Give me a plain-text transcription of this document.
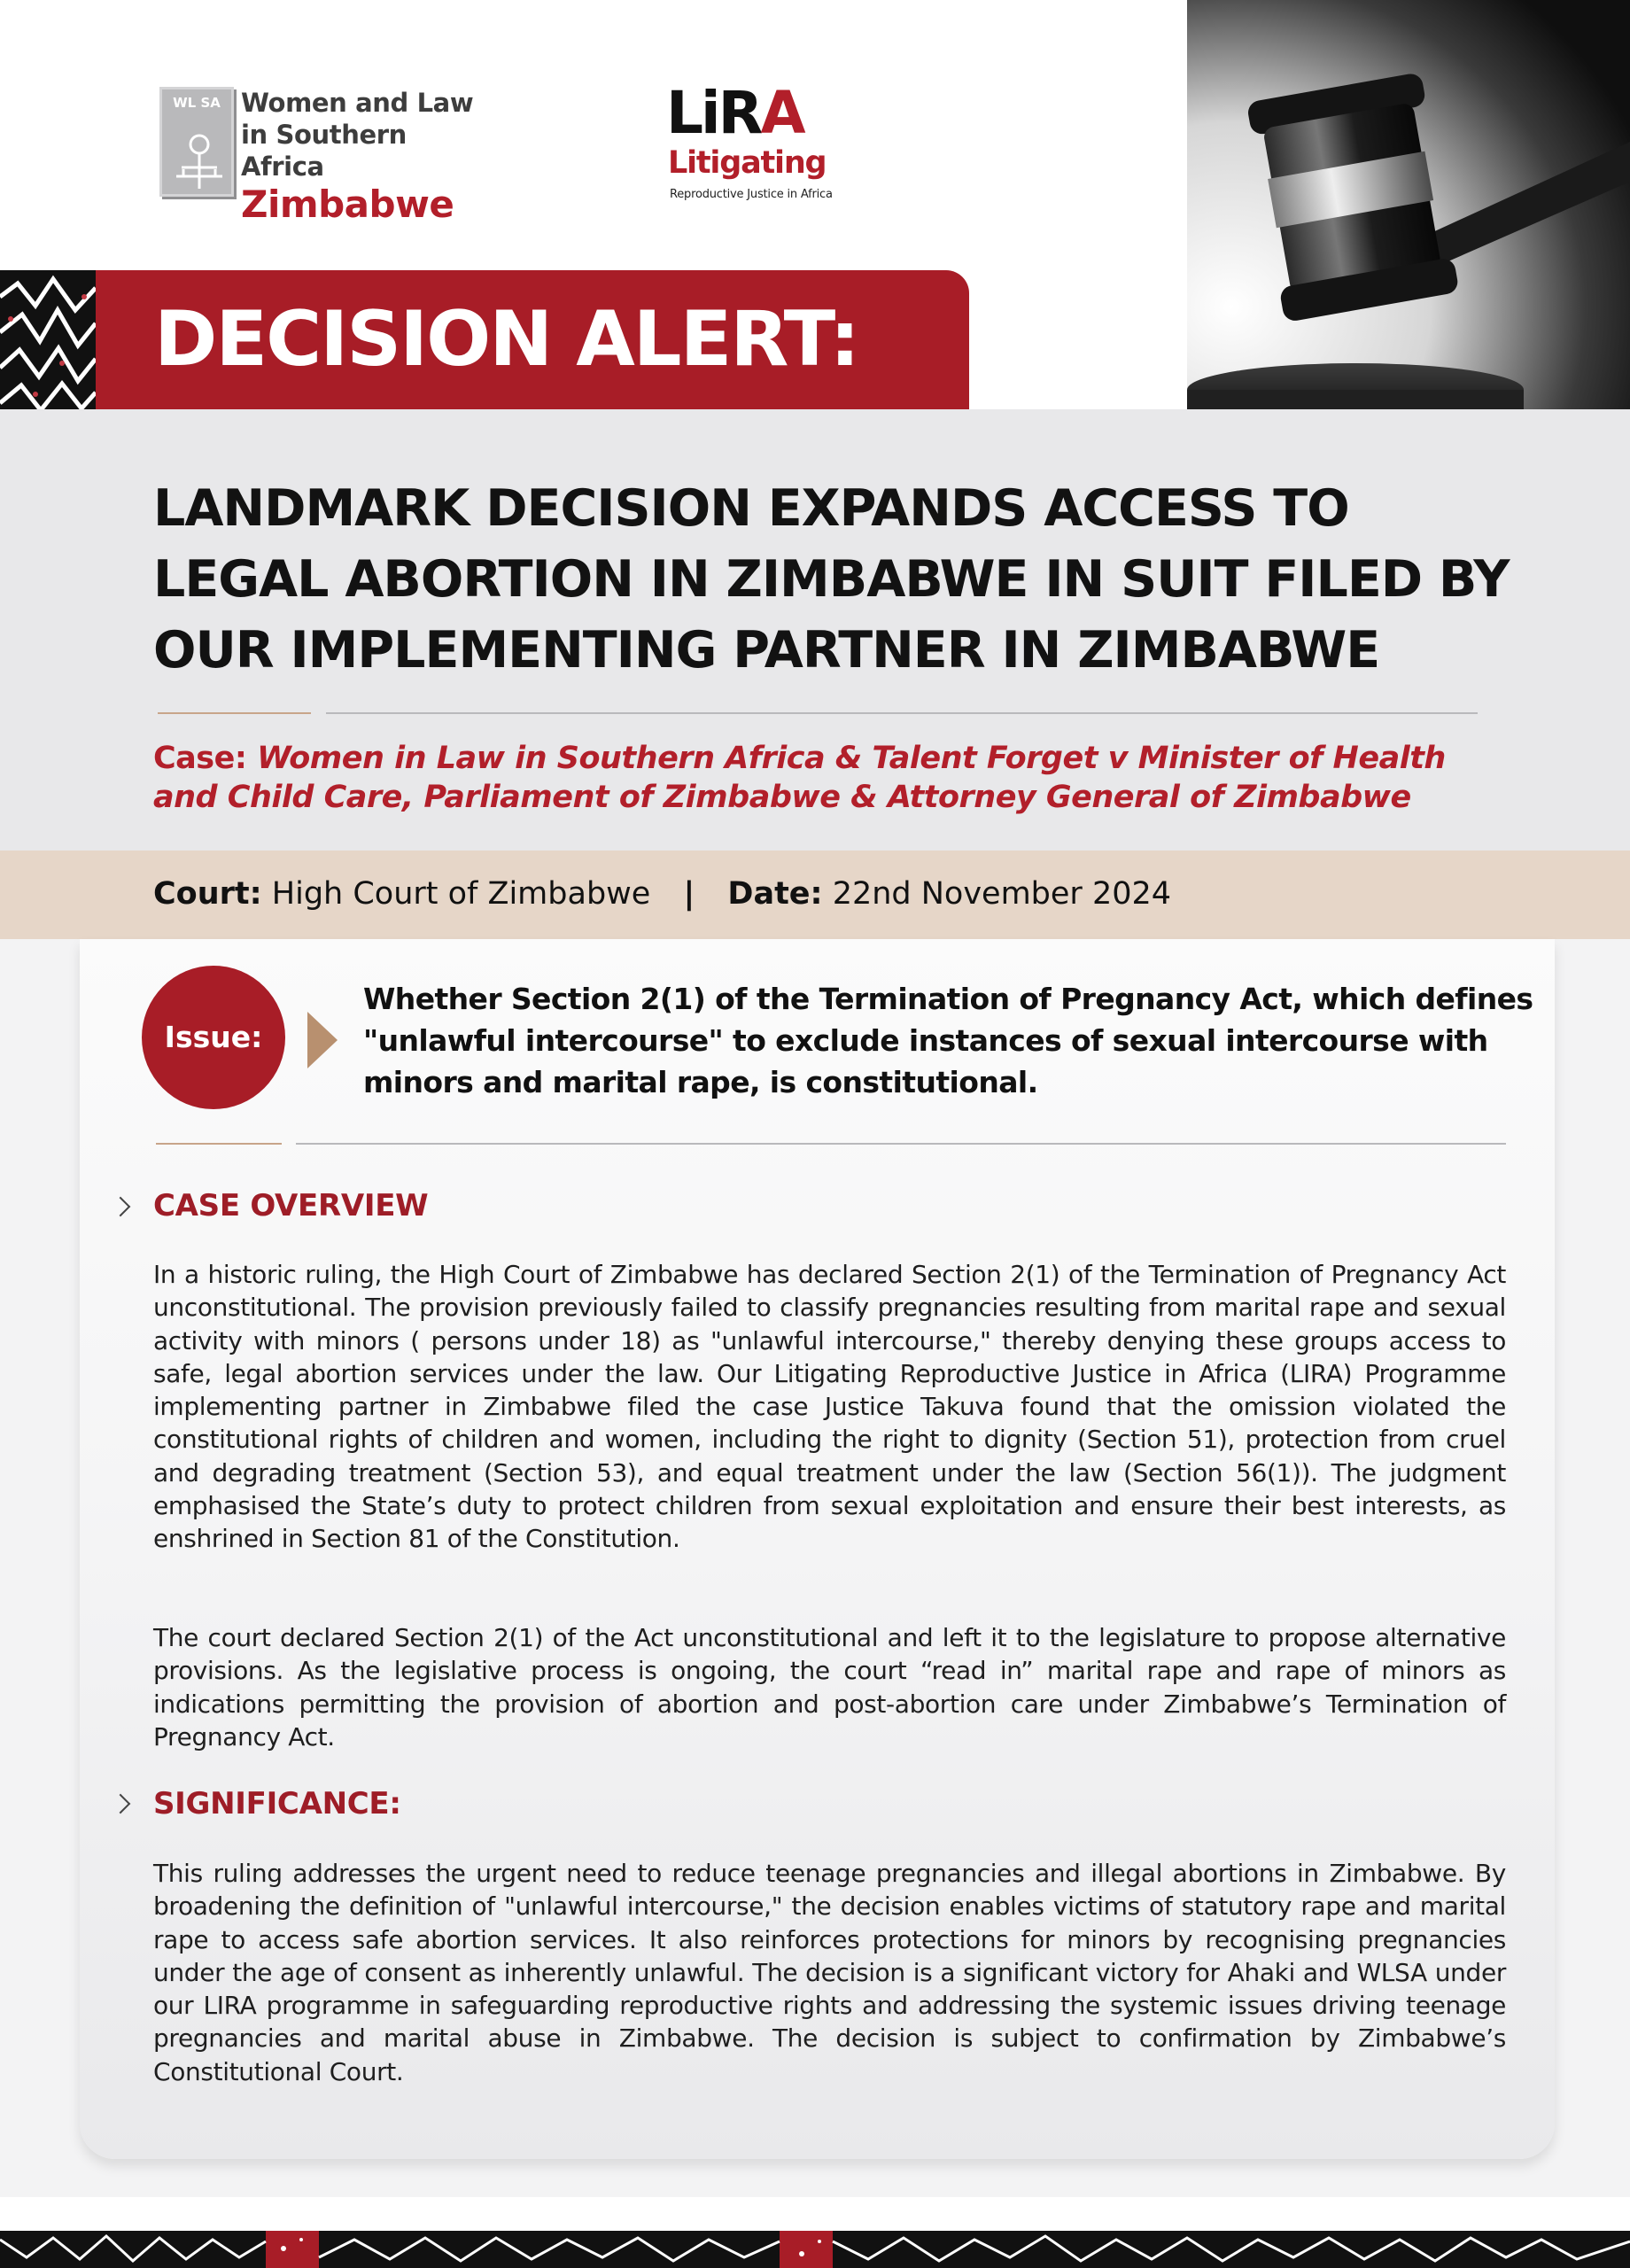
WL SA Women and Law
in Southern Africa
Zimbabwe
LiRA
Litigating
Reproductive Justice in Africa
DECISION ALERT:
LANDMARK DECISION EXPANDS ACCESS TO LEGAL ABORTION IN ZIMBABWE IN SUIT FILED BY OUR IMPLEMENTING PARTNER IN ZIMBABWE
Case: Women in Law in Southern Africa & Talent Forget v Minister of Health and Child Care, Parliament of Zimbabwe & Attorney General of Zimbabwe
Court: High Court of Zimbabwe | Date: 22nd November 2024
Issue:
Whether Section 2(1) of the Termination of Pregnancy Act, which defines "unlawful intercourse" to exclude instances of sexual intercourse with minors and marital rape, is constitutional.
CASE OVERVIEW
In a historic ruling, the High Court of Zimbabwe has declared Section 2(1) of the Termination of Pregnancy Act unconstitutional. The provision previously failed to classify pregnancies resulting from marital rape and sexual activity with minors ( persons under 18) as "unlawful intercourse," thereby denying these groups access to safe, legal abortion services under the law. Our Litigating Reproductive Justice in Africa (LIRA) Programme implementing partner in Zimbabwe filed the case Justice Takuva found that the omission violated the constitutional rights of children and women, including the right to dignity (Section 51), protection from cruel and degrading treatment (Section 53), and equal treatment under the law (Section 56(1)). The judgment emphasised the State’s duty to protect children from sexual exploitation and ensure their best interests, as enshrined in Section 81 of the Constitution.
The court declared Section 2(1) of the Act unconstitutional and left it to the legislature to propose alternative provisions. As the legislative process is ongoing, the court “read in” marital rape and rape of minors as indications permitting the provision of abortion and post-abortion care under Zimbabwe’s Termination of Pregnancy Act.
SIGNIFICANCE:
This ruling addresses the urgent need to reduce teenage pregnancies and illegal abortions in Zimbabwe. By broadening the definition of "unlawful intercourse," the decision enables victims of statutory rape and marital rape to access safe abortion services. It also reinforces protections for minors by recognising pregnancies under the age of consent as inherently unlawful. The decision is a significant victory for Ahaki and WLSA under our LIRA programme in safeguarding reproductive rights and addressing the systemic issues driving teenage pregnancies and marital abuse in Zimbabwe. The decision is subject to confirmation by Zimbabwe’s Constitutional Court.
